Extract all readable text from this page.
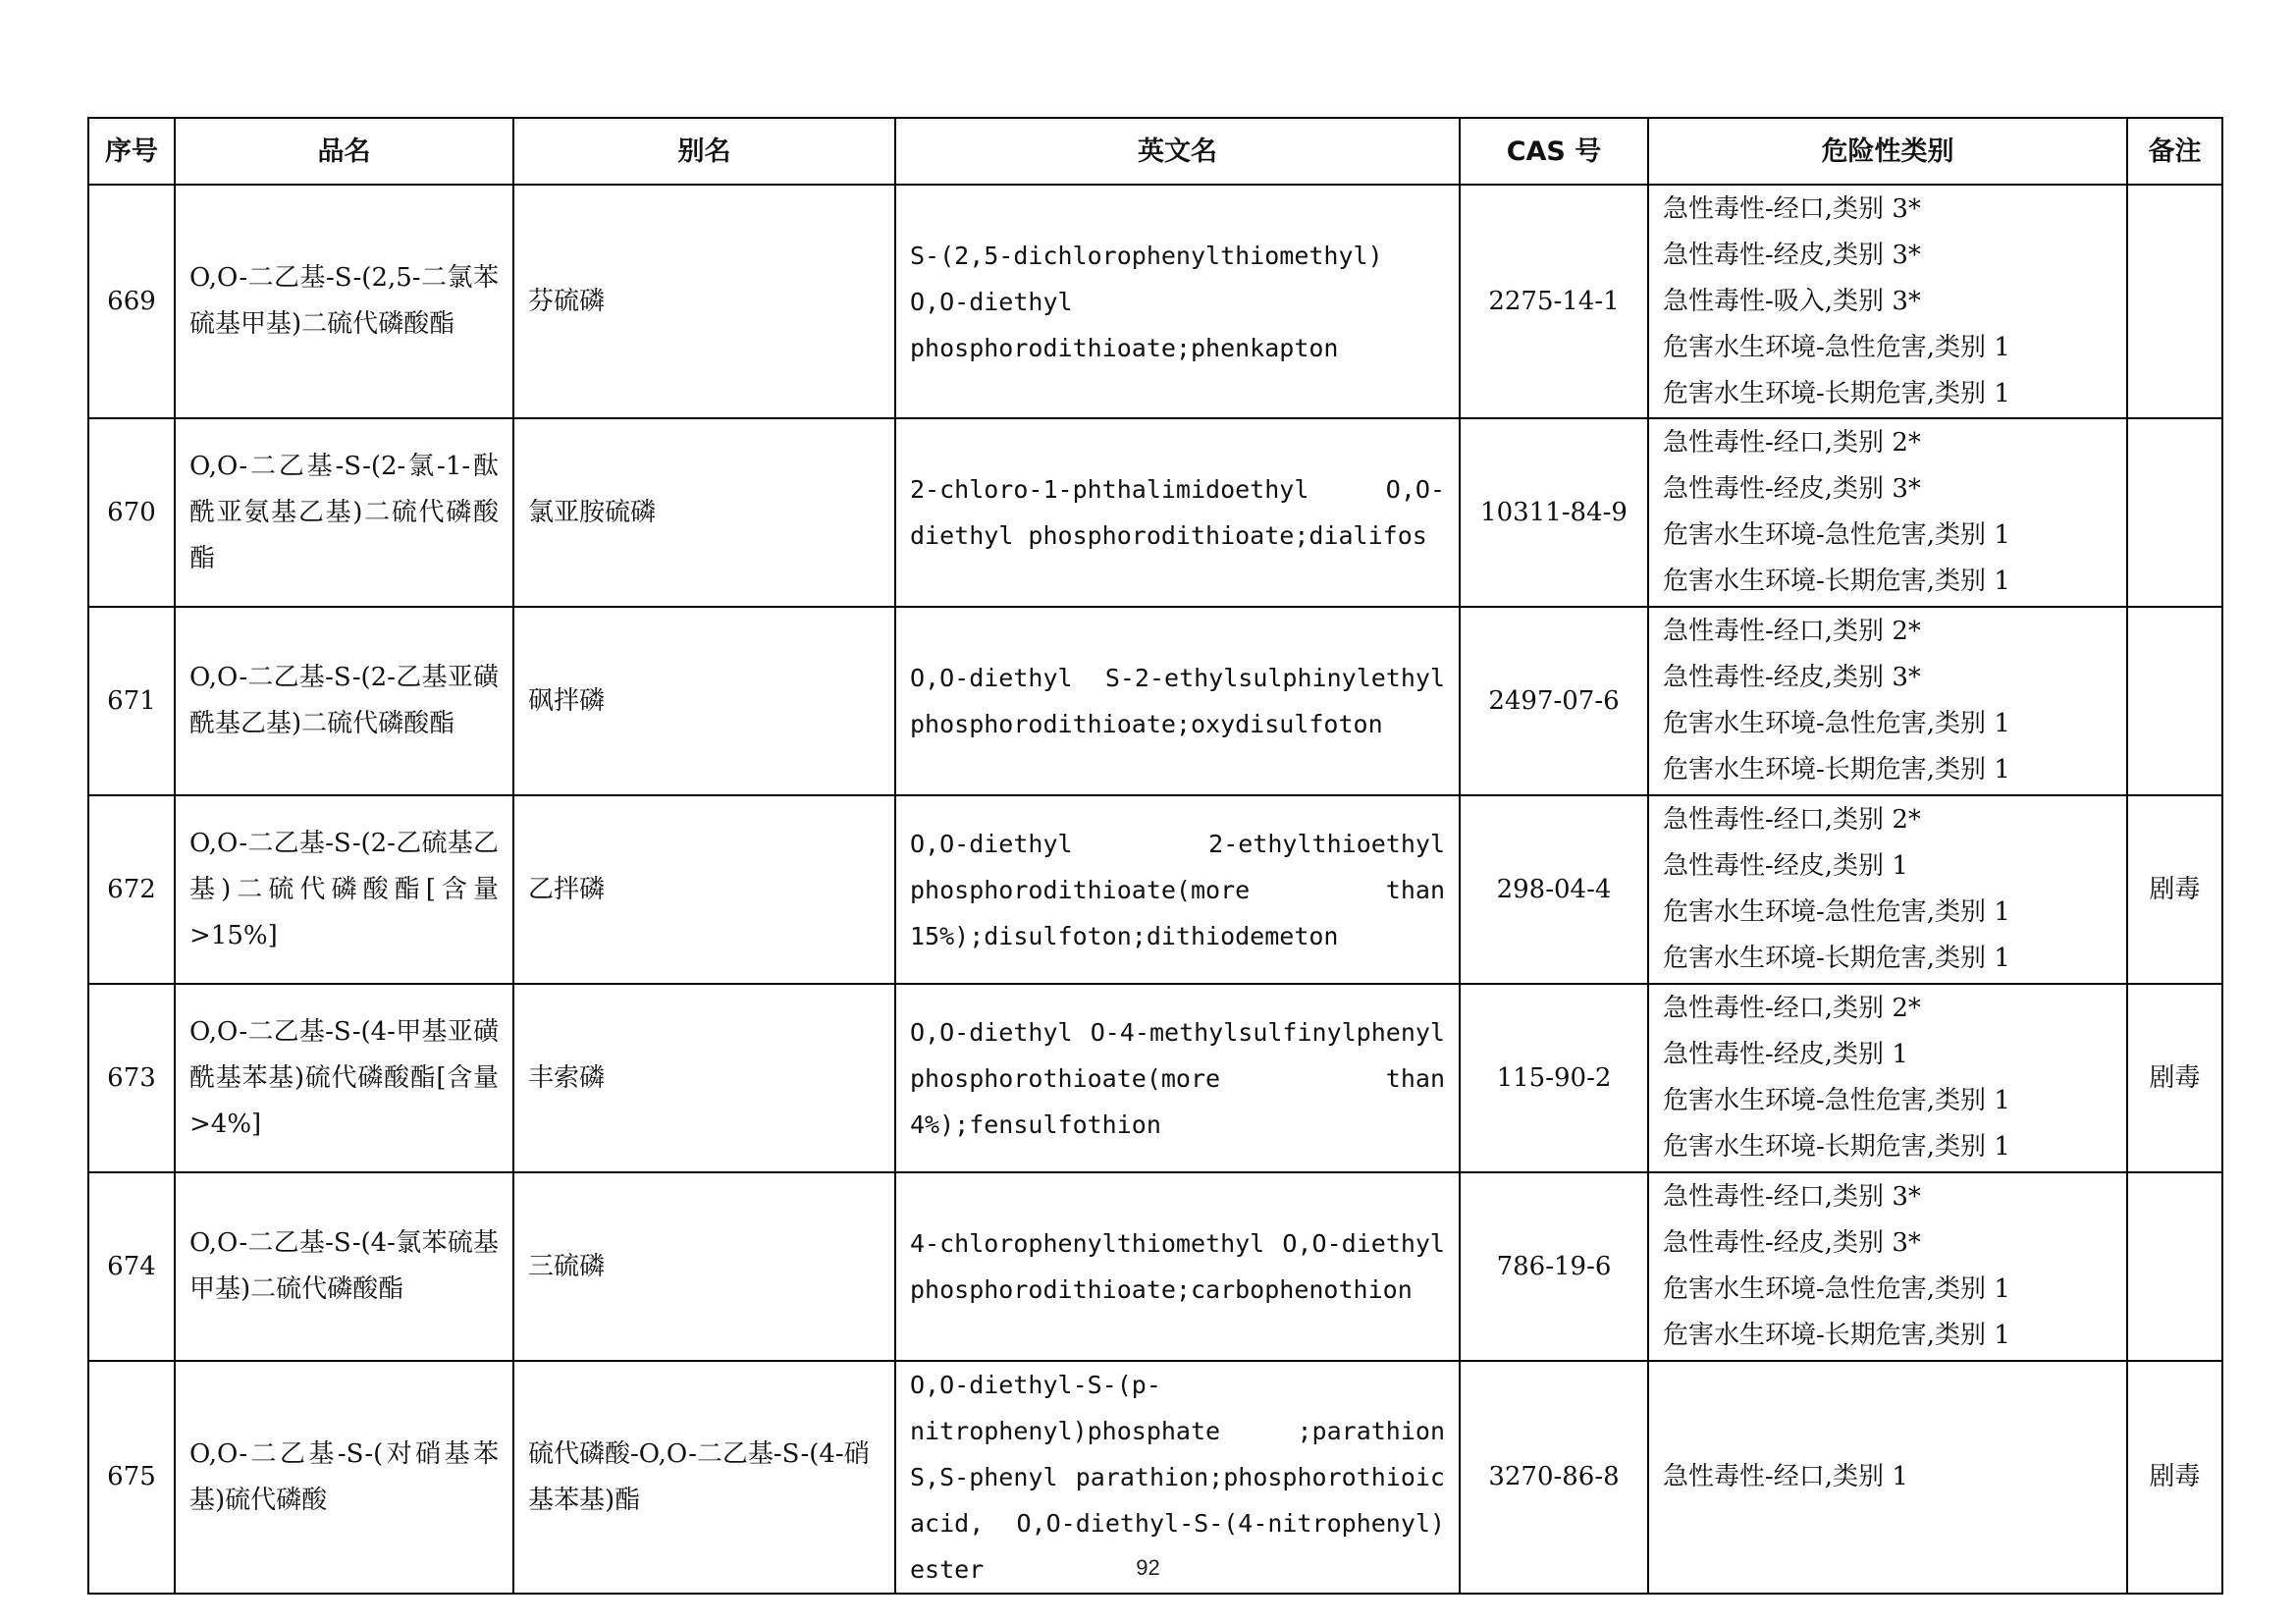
序号	品名	别名	英文名	CAS 号	危险性类别	备注
669	O,O-二乙基-S-(2,5-二氯苯硫基甲基)二硫代磷酸酯	芬硫磷	S-(2,5-dichlorophenylthiomethyl) O,O-diethyl phosphorodithioate;phenkapton	2275-14-1	急性毒性-经口,类别 3*
急性毒性-经皮,类别 3*
急性毒性-吸入,类别 3*
危害水生环境-急性危害,类别 1
危害水生环境-长期危害,类别 1	

670	O,O-二乙基-S-(2-氯-1-酞酰亚氨基乙基)二硫代磷酸酯	氯亚胺硫磷	2-chloro-1-phthalimidoethyl O,O-diethyl phosphorodithioate;dialifos	10311-84-9	急性毒性-经口,类别 2*
急性毒性-经皮,类别 3*
危害水生环境-急性危害,类别 1
危害水生环境-长期危害,类别 1	

671	O,O-二乙基-S-(2-乙基亚磺酰基乙基)二硫代磷酸酯	砜拌磷	O,O-diethyl S-2-ethylsulphinylethyl phosphorodithioate;oxydisulfoton	2497-07-6	急性毒性-经口,类别 2*
急性毒性-经皮,类别 3*
危害水生环境-急性危害,类别 1
危害水生环境-长期危害,类别 1	

672	O,O-二乙基-S-(2-乙硫基乙基)二硫代磷酸酯[含量>15%]	乙拌磷	O,O-diethyl 2-ethylthioethyl phosphorodithioate(more than 15%);disulfoton;dithiodemeton	298-04-4	急性毒性-经口,类别 2*
急性毒性-经皮,类别 1
危害水生环境-急性危害,类别 1
危害水生环境-长期危害,类别 1	剧毒
673	O,O-二乙基-S-(4-甲基亚磺酰基苯基)硫代磷酸酯[含量>4%]	丰索磷	O,O-diethyl O-4-methylsulfinylphenyl phosphorothioate(more than 4%);fensulfothion	115-90-2	急性毒性-经口,类别 2*
急性毒性-经皮,类别 1
危害水生环境-急性危害,类别 1
危害水生环境-长期危害,类别 1	剧毒
674	O,O-二乙基-S-(4-氯苯硫基甲基)二硫代磷酸酯	三硫磷	4-chlorophenylthiomethyl O,O-diethyl phosphorodithioate;carbophenothion	786-19-6	急性毒性-经口,类别 3*
急性毒性-经皮,类别 3*
危害水生环境-急性危害,类别 1
危害水生环境-长期危害,类别 1	

675	O,O-二乙基-S-(对硝基苯基)硫代磷酸	硫代磷酸-O,O-二乙基-S-(4-硝基苯基)酯	O,O-diethyl-S-(p-nitrophenyl)phosphate ;parathion S,S-phenyl parathion;phosphorothioic acid, O,O-diethyl-S-(4-nitrophenyl) ester	3270-86-8	急性毒性-经口,类别 1	剧毒
92
